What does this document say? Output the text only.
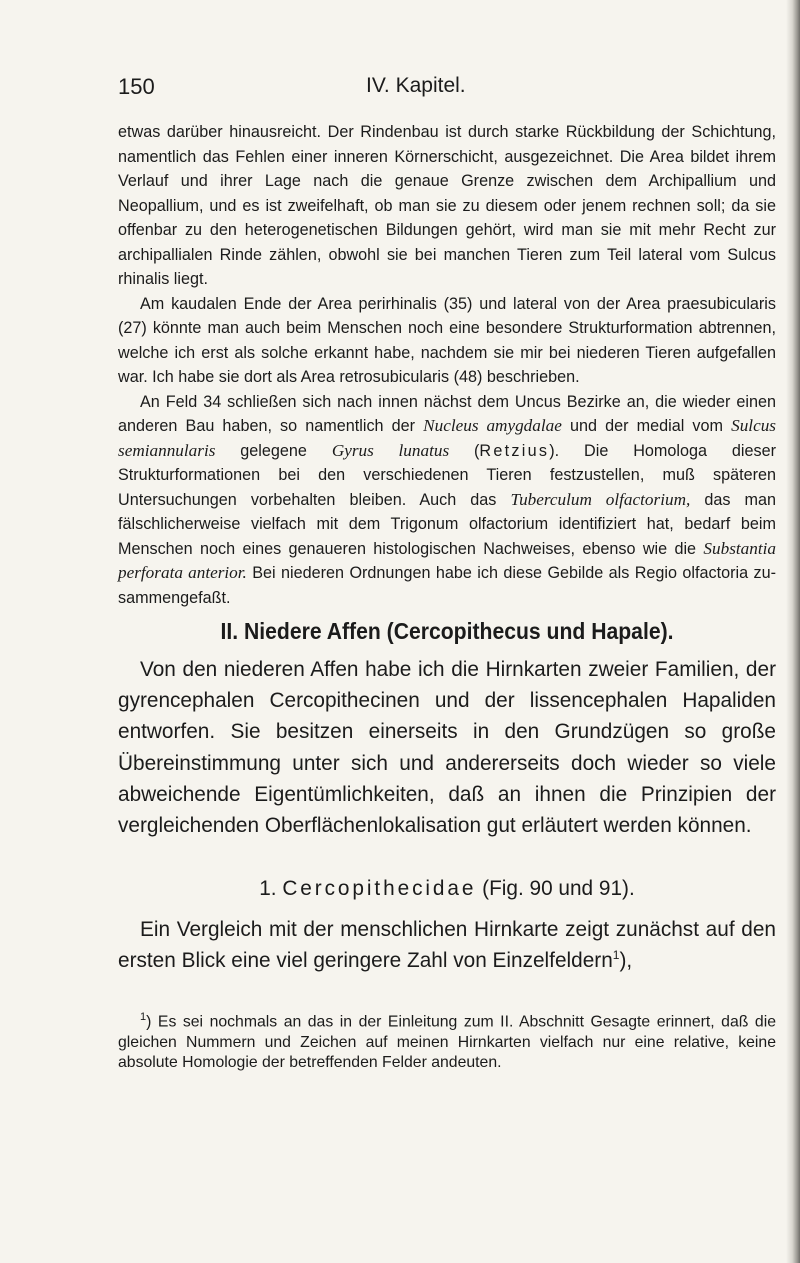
150	IV. Kapitel.

etwas darüber hinausreicht. Der Rindenbau ist durch starke Rückbildung der Schichtung, namentlich das Fehlen einer inneren Körnerschicht, ausgezeichnet. Die Area bildet ihrem Verlauf und ihrer Lage nach die genaue Grenze zwischen dem Archipallium und Neopallium, und es ist zweifelhaft, ob man sie zu diesem oder jenem rechnen soll; da sie offenbar zu den heterogenetischen Bildungen gehört, wird man sie mit mehr Recht zur archipallialen Rinde zählen, obwohl sie bei manchen Tieren zum Teil lateral vom Sulcus rhinalis liegt.

Am kaudalen Ende der Area perirhinalis (35) und lateral von der Area praesubicularis (27) könnte man auch beim Menschen noch eine besondere Strukturformation abtrennen, welche ich erst als solche erkannt habe, nachdem sie mir bei niederen Tieren aufgefallen war. Ich habe sie dort als Area retrosubicularis (48) beschrieben.

An Feld 34 schließen sich nach innen nächst dem Uncus Bezirke an, die wieder einen anderen Bau haben, so namentlich der Nucleus amygdalae und der medial vom Sulcus semiannularis gelegene Gyrus lunatus (Retzius). Die Homologa dieser Strukturformationen bei den verschiedenen Tieren festzustellen, muß späteren Untersuchungen vorbehalten bleiben. Auch das Tuberculum olfactorium, das man fälschlicherweise vielfach mit dem Trigonum olfactorium identifiziert hat, bedarf beim Menschen noch eines genaueren histologischen Nachweises, ebenso wie die Substantia perforata anterior. Bei niederen Ordnungen habe ich diese Gebilde als Regio olfactoria zusammengefaßt.

II. Niedere Affen (Cercopithecus und Hapale).

Von den niederen Affen habe ich die Hirnkarten zweier Familien, der gyrencephalen Cercopithecinen und der lissencephalen Hapaliden entworfen. Sie besitzen einerseits in den Grundzügen so große Übereinstimmung unter sich und andererseits doch wieder so viele abweichende Eigentümlichkeiten, daß an ihnen die Prinzipien der vergleichenden Oberflächenlokalisation gut erläutert werden können.

1. Cercopithecidae (Fig. 90 und 91).

Ein Vergleich mit der menschlichen Hirnkarte zeigt zunächst auf den ersten Blick eine viel geringere Zahl von Einzelfeldern$^1$),

$^1$) Es sei nochmals an das in der Einleitung zum II. Abschnitt Gesagte erinnert, daß die gleichen Nummern und Zeichen auf meinen Hirnkarten vielfach nur eine relative, keine absolute Homologie der betreffenden Felder andeuten.
